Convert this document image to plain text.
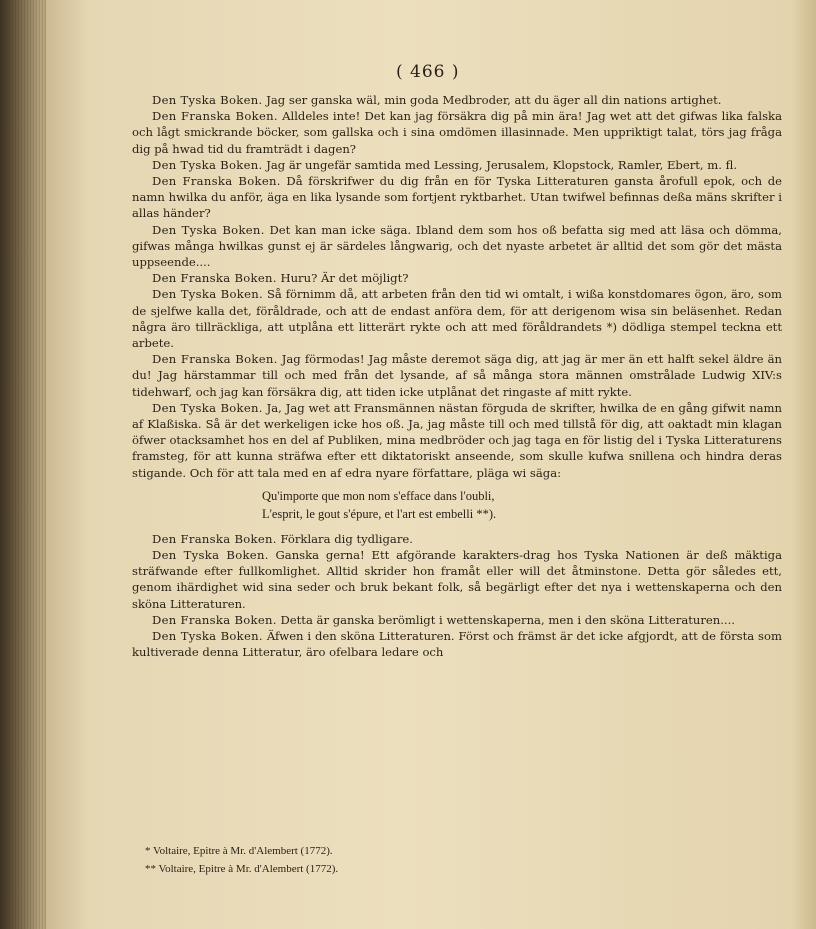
( 466 )

Den Tyska Boken. Jag ser ganska wäl, min goda Medbroder, att du äger all din nations artighet.

Den Franska Boken. Alldeles inte! Det kan jag försäkra dig på min ära! Jag wet att det gifwas lika falska och lågt smickrande böcker, som gallska och i sina omdömen illasinnade. Men uppriktigt talat, törs jag fråga dig på hwad tid du framträdt i dagen?

Den Tyska Boken. Jag är ungefär samtida med Lessing, Jerusalem, Klopstock, Ramler, Ebert, m. fl.

Den Franska Boken. Då förskrifwer du dig från en för Tyska Litteraturen gansta årofull epok, och de namn hwilka du anför, äga en lika lysande som fortjent ryktbarhet. Utan twifwel befinnas deßa mäns skrifter i allas händer?

Den Tyska Boken. Det kan man icke säga. Ibland dem som hos oß befatta sig med att läsa och dömma, gifwas många hwilkas gunst ej är särdeles långwarig, och det nyaste arbetet är alltid det som gör det mästa uppseende....

Den Franska Boken. Huru? Är det möjligt?

Den Tyska Boken. Så förnimm då, att arbeten från den tid wi omtalt, i wißa konstdomares ögon, äro, som de sjelfwe kalla det, föråldrade, och att de endast anföra dem, för att derigenom wisa sin beläsenhet. Redan några äro tillräckliga, att utplåna ett litterärt rykte och att med föråldrandets *) dödliga stempel teckna ett arbete.

Den Franska Boken. Jag förmodas! Jag måste deremot säga dig, att jag är mer än ett halft sekel äldre än du! Jag härstammar till och med från det lysande, af så många stora männen omstrålade Ludwig XIV:s tidehwarf, och jag kan försäkra dig, att tiden icke utplånat det ringaste af mitt rykte.

Den Tyska Boken. Ja, Jag wet att Fransmännen nästan förguda de skrifter, hwilka de en gång gifwit namn af Klaßiska. Så är det werkeligen icke hos oß. Ja, jag måste till och med tillstå för dig, att oaktadt min klagan öfwer otacksamhet hos en del af Publiken, mina medbröder och jag taga en för listig del i Tyska Litteraturens framsteg, för att kunna sträfwa efter ett diktatoriskt anseende, som skulle kufwa snillena och hindra deras stigande. Och för att tala med en af edra nyare författare, pläga wi säga:

Qu'importe que mon nom s'efface dans l'oubli,
L'esprit, le gout s'épure, et l'art est embelli **).

Den Franska Boken. Förklara dig tydligare.

Den Tyska Boken. Ganska gerna! Ett afgörande karakters-drag hos Tyska Nationen är deß mäktiga sträfwande efter fullkomlighet. Alltid skrider hon framåt eller will det åtminstone. Detta gör således ett, genom ihärdighet wid sina seder och bruk bekant folk, så begärligt efter det nya i wettenskaperna och den sköna Litteraturen.

Den Franska Boken. Detta är ganska berömligt i wettenskaperna, men i den sköna Litteraturen....

Den Tyska Boken. Äfwen i den sköna Litteraturen. Först och främst är det icke afgjordt, att de första som kultiverade denna Litteratur, äro ofelbara ledare och

* Voltaire, Epitre à Mr. d'Alembert (1772).
** Voltaire, Epitre à Mr. d'Alembert (1772).
